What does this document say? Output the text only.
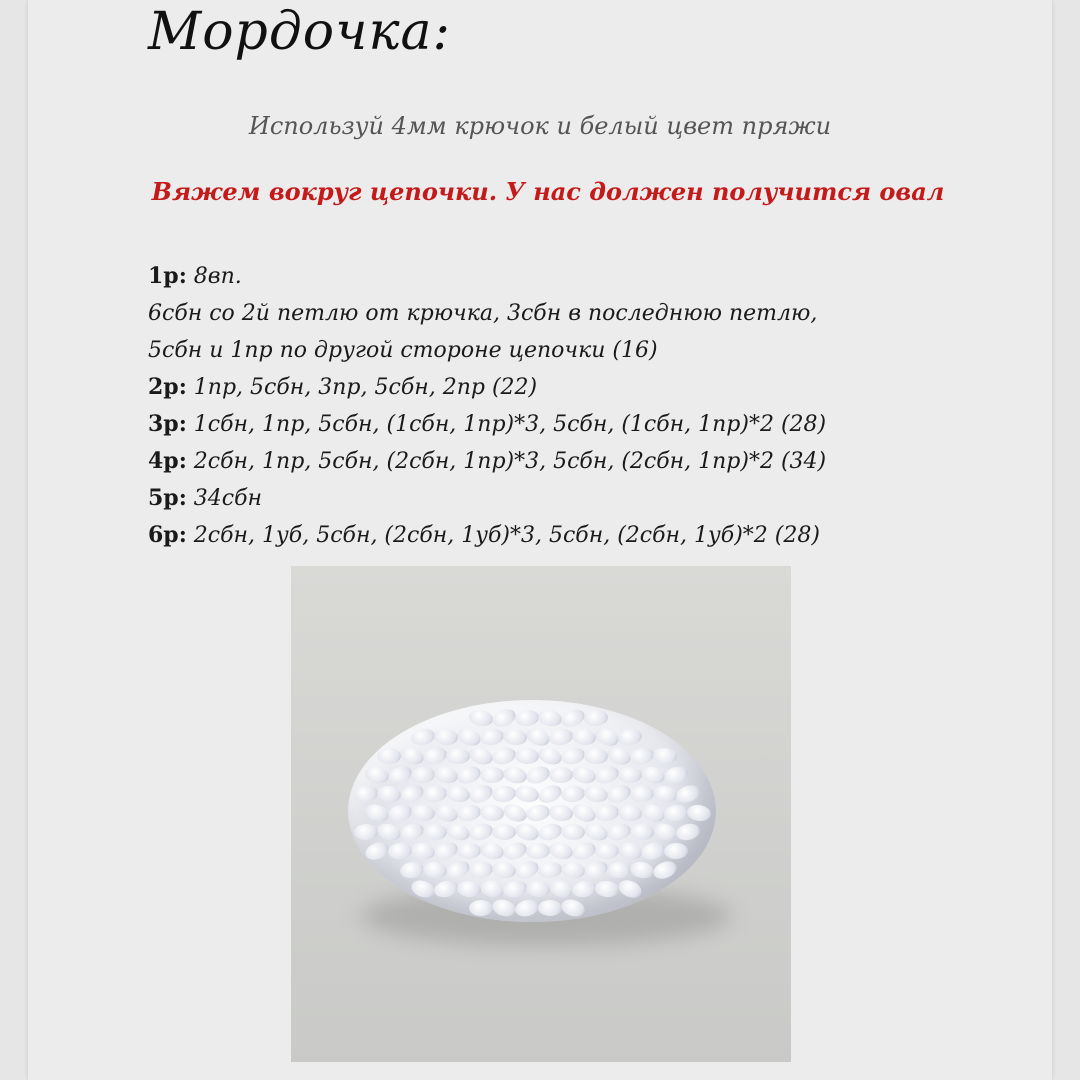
Мордочка:
Используй 4мм крючок и белый цвет пряжи
Вяжем вокруг цепочки. У нас должен получится овал
1р: 8вп.
6сбн со 2й петлю от крючка, 3сбн в последнюю петлю,
5сбн и 1пр по другой стороне цепочки (16)
2р: 1пр, 5сбн, 3пр, 5сбн, 2пр (22)
3р: 1сбн, 1пр, 5сбн, (1сбн, 1пр)*3, 5сбн, (1сбн, 1пр)*2 (28)
4р: 2сбн, 1пр, 5сбн, (2сбн, 1пр)*3, 5сбн, (2сбн, 1пр)*2 (34)
5р: 34сбн
6р: 2сбн, 1уб, 5сбн, (2сбн, 1уб)*3, 5сбн, (2сбн, 1уб)*2 (28)
